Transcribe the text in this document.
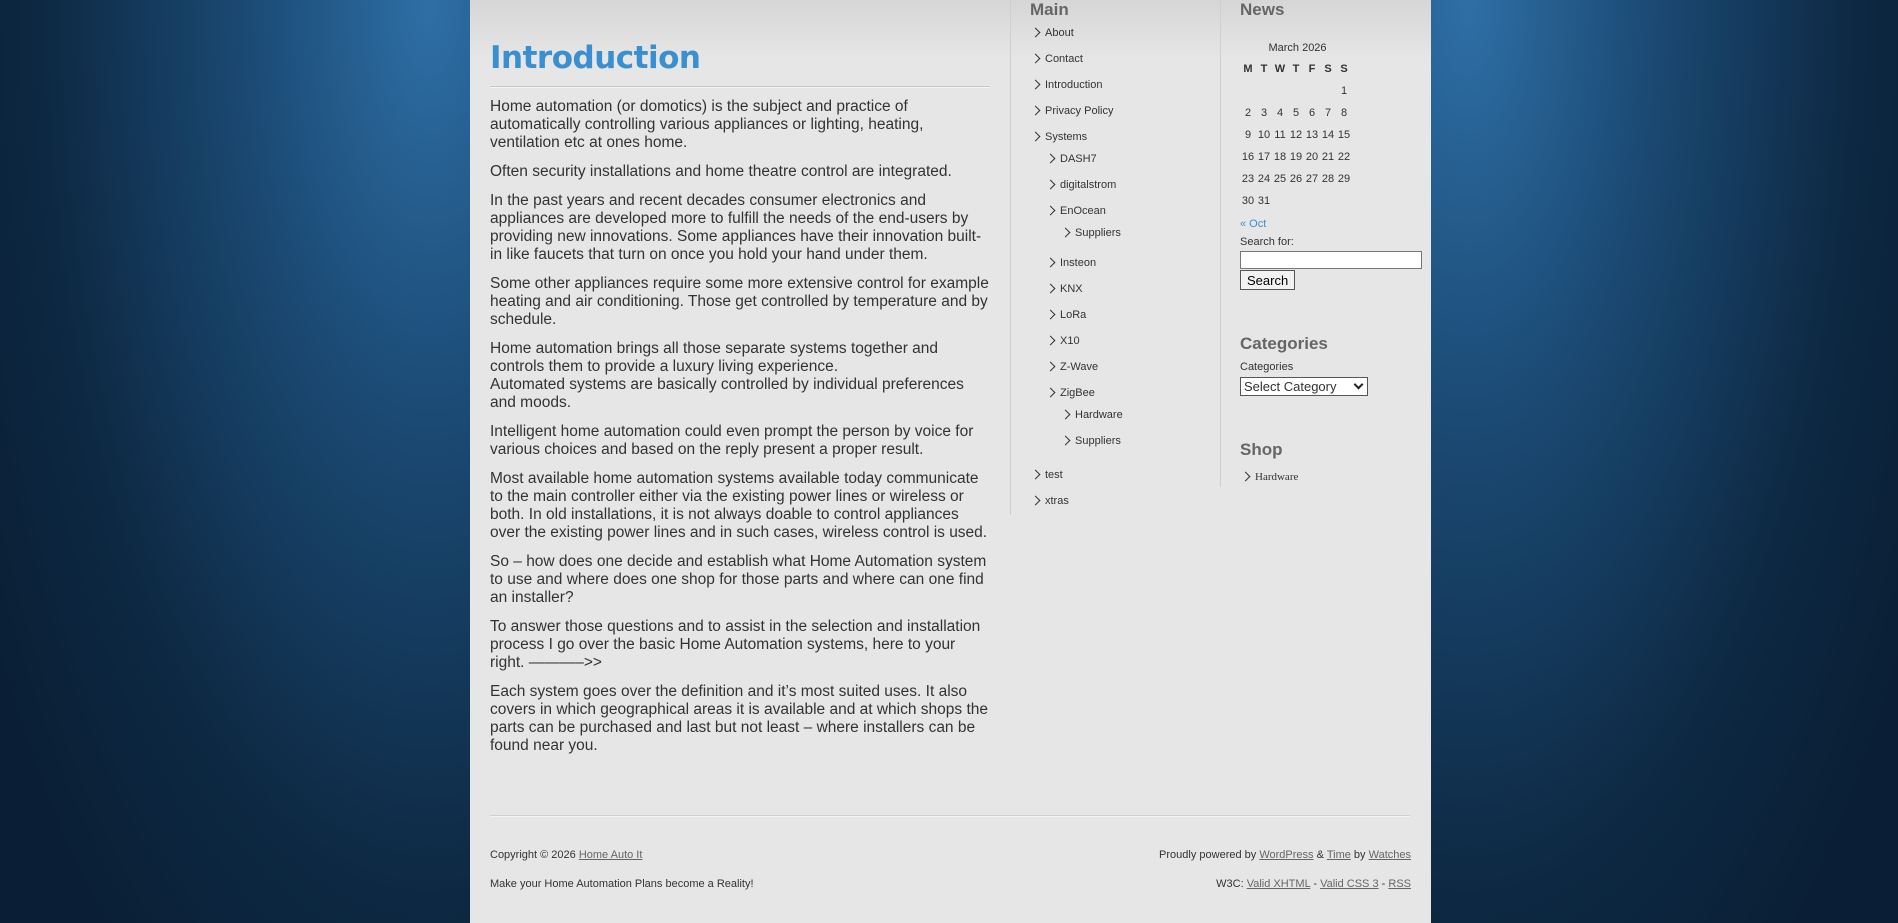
Introduction

Home automation (or domotics) is the subject and practice of automatically controlling various appliances or lighting, heating, ventilation etc at ones home.

Often security installations and home theatre control are integrated.

In the past years and recent decades consumer electronics and appliances are developed more to fulfill the needs of the end-users by providing new innovations. Some appliances have their innovation built-in like faucets that turn on once you hold your hand under them.

Some other appliances require some more extensive control for example heating and air conditioning. Those get controlled by temperature and by schedule.

Home automation brings all those separate systems together and controls them to provide a luxury living experience.

Automated systems are basically controlled by individual preferences and moods.

Intelligent home automation could even prompt the person by voice for various choices and based on the reply present a proper result.

Most available home automation systems available today communicate to the main controller either via the existing power lines or wireless or both. In old installations, it is not always doable to control appliances over the existing power lines and in such cases, wireless control is used.

So – how does one decide and establish what Home Automation system to use and where does one shop for those parts and where can one find an installer?

To answer those questions and to assist in the selection and installation process I go over the basic Home Automation systems, here to your right. ———–>>

Each system goes over the definition and it’s most suited uses. It also covers in which geographical areas it is available and at which shops the parts can be purchased and last but not least – where installers can be found near you.

Main
About
Contact
Introduction
Privacy Policy
Systems
DASH7
digitalstrom
EnOcean
Suppliers
Insteon
KNX
LoRa
X10
Z-Wave
ZigBee
Hardware
Suppliers
test
xtras
News
March 2026
M	T	W	T	F	S	S
						1
2	3	4	5	6	7	8
9	10	11	12	13	14	15
16	17	18	19	20	21	22
23	24	25	26	27	28	29
30	31					
« Oct
Search for:
Search
Categories
Categories
Select Category
Shop
Hardware
Copyright © 2026 Home Auto It
Make your Home Automation Plans become a Reality!
Proudly powered by WordPress & Time by Watches
W3C: Valid XHTML - Valid CSS 3 - RSS
